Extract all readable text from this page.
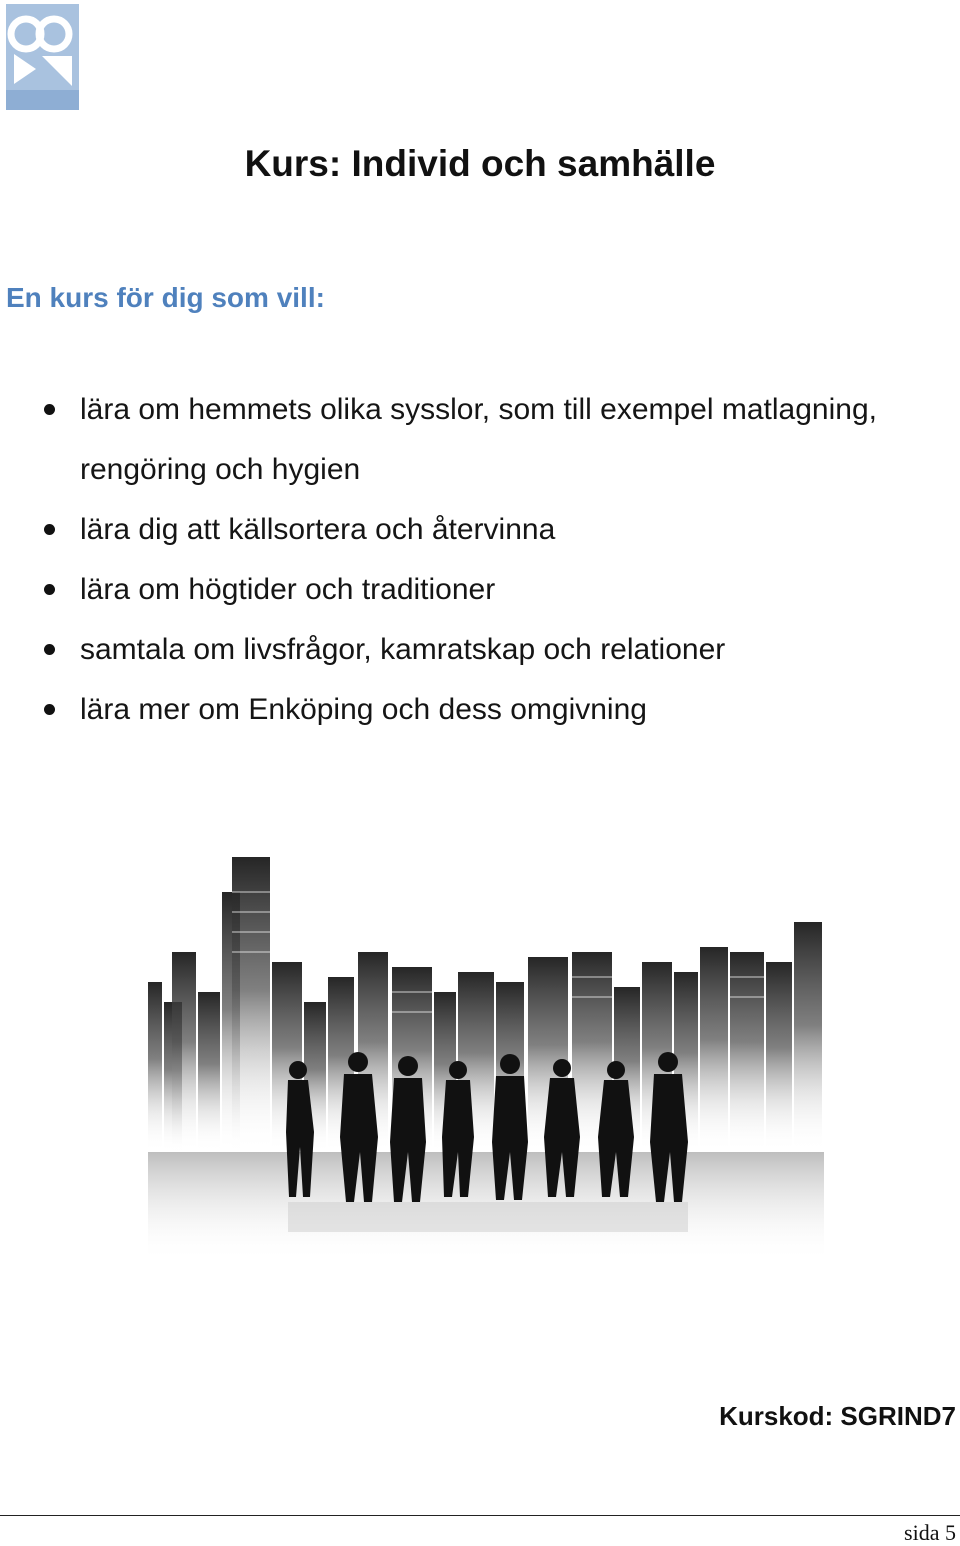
Kurs: Individ och samhälle
En kurs för dig som vill:
lära om hemmets olika sysslor, som till exempel matlagning, rengöring och hygien
lära dig att källsortera och återvinna
lära om högtider och traditioner
samtala om livsfrågor, kamratskap och relationer
lära mer om Enköping och dess omgivning
Kurskod: SGRIND7
sida 5
